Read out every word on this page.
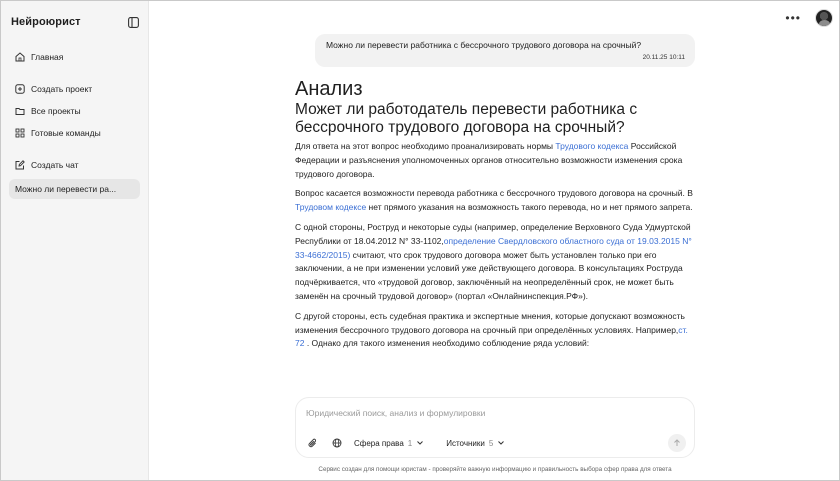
Нейроюрист
Главная
Создать проект
Все проекты
Готовые команды
Создать чат
Можно ли перевести ра...
•••
Можно ли перевести работника с бессрочного трудового договора на срочный?
20.11.25 10:11
Анализ
Может ли работодатель перевести работника с бессрочного трудового договора на срочный?

Для ответа на этот вопрос необходимо проанализировать нормы Трудового кодекса Российской Федерации и разъяснения уполномоченных органов относительно возможности изменения срока трудового договора.

Вопрос касается возможности перевода работника с бессрочного трудового договора на срочный. В Трудовом кодексе нет прямого указания на возможность такого перевода, но и нет прямого запрета.

С одной стороны, Роструд и некоторые суды (например, определение Верховного Суда Удмуртской Республики от 18.04.2012 N° 33-1102,определение Свердловского областного суда от 19.03.2015 N° 33-4662/2015) считают, что срок трудового договора может быть установлен только при его заключении, а не при изменении условий уже действующего договора. В консультациях Роструда подчёркивается, что «трудовой договор, заключённый на неопределённый срок, не может быть заменён на срочный трудовой договор» (портал «Онлайнинспекция.РФ»).

С другой стороны, есть судебная практика и экспертные мнения, которые допускают возможность изменения бессрочного трудового договора на срочный при определённых условиях. Например,ст. 72 . Однако для такого изменения необходимо соблюдение ряда условий:

Юридический поиск, анализ и формулировки
Сфера права 1	Источники 5
Сервис создан для помощи юристам - проверяйте важную информацию и правильность выбора сфер права для ответа
